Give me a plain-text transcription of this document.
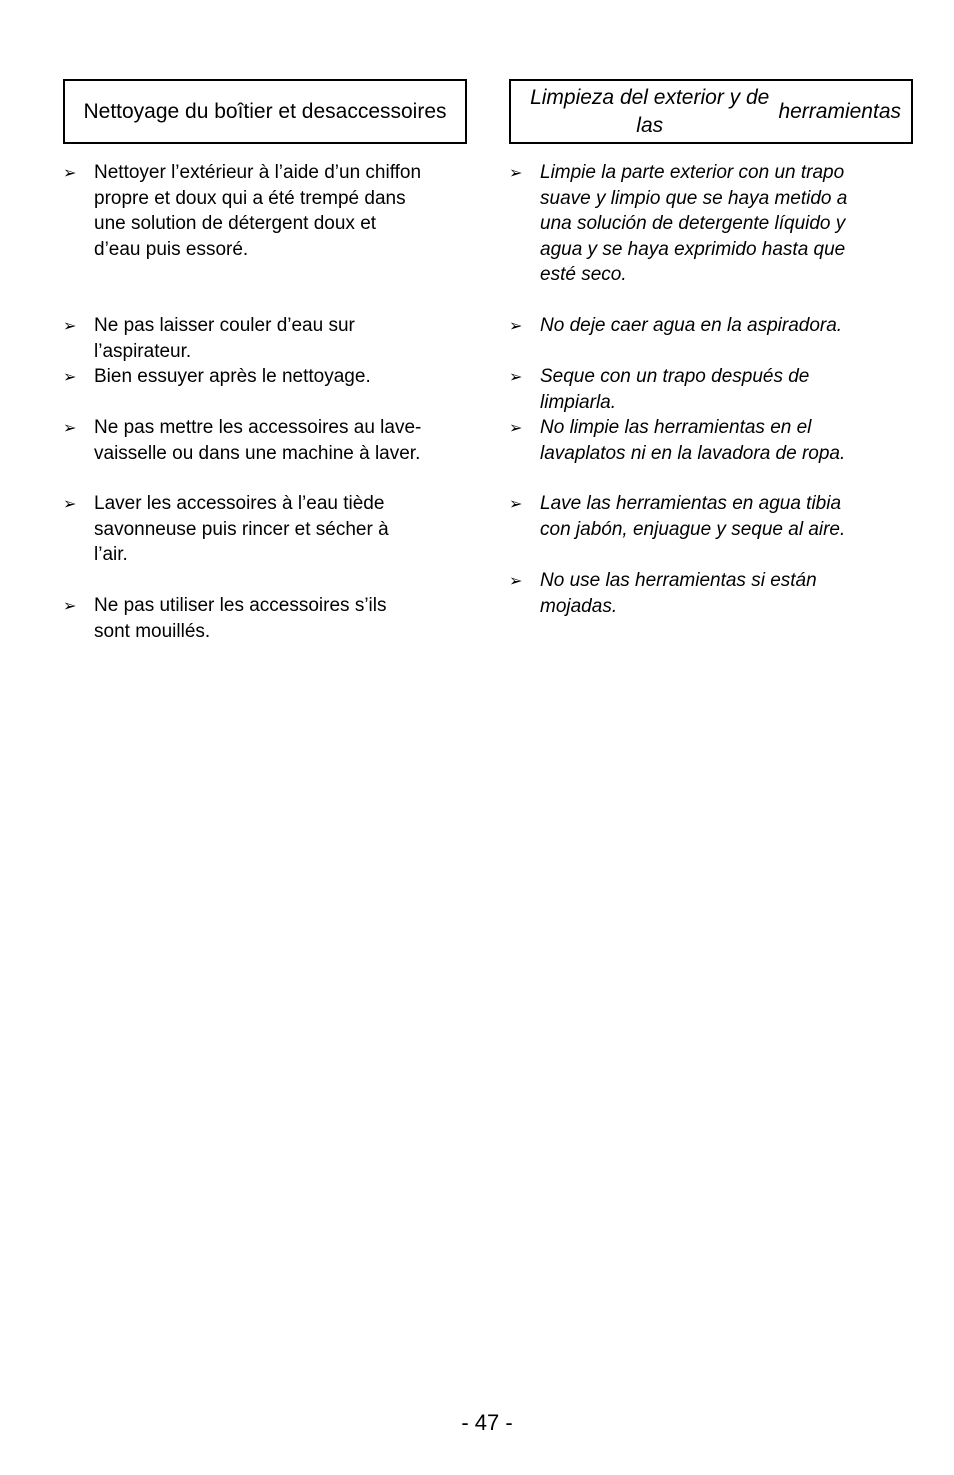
Nettoyage du boîtier et des accessoires
➢ Nettoyer l’extérieur à l’aide d’un chiffon
propre et doux qui a été trempé dans
une solution de détergent doux et
d’eau puis essoré.
➢ Ne pas laisser couler d’eau sur
l’aspirateur.
➢ Bien essuyer après le nettoyage.
➢ Ne pas mettre les accessoires au lave-
vaisselle ou dans une machine à laver.
➢ Laver les accessoires à l’eau tiède
savonneuse puis rincer et sécher à
l’air.
➢ Ne pas utiliser les accessoires s’ils
sont mouillés.
Limpieza del exterior y de las
herramientas
➢ Limpie la parte exterior con un trapo
suave y limpio que se haya metido a
una solución de detergente líquido y
agua y se haya exprimido hasta que
esté seco.
➢ No deje caer agua en la aspiradora.
➢ Seque con un trapo después de
limpiarla.
➢ No limpie las herramientas en el
lavaplatos ni en la lavadora de ropa.
➢ Lave las herramientas en agua tibia
con jabón, enjuague y seque al aire.
➢ No use las herramientas si están
mojadas.
- 47 -
